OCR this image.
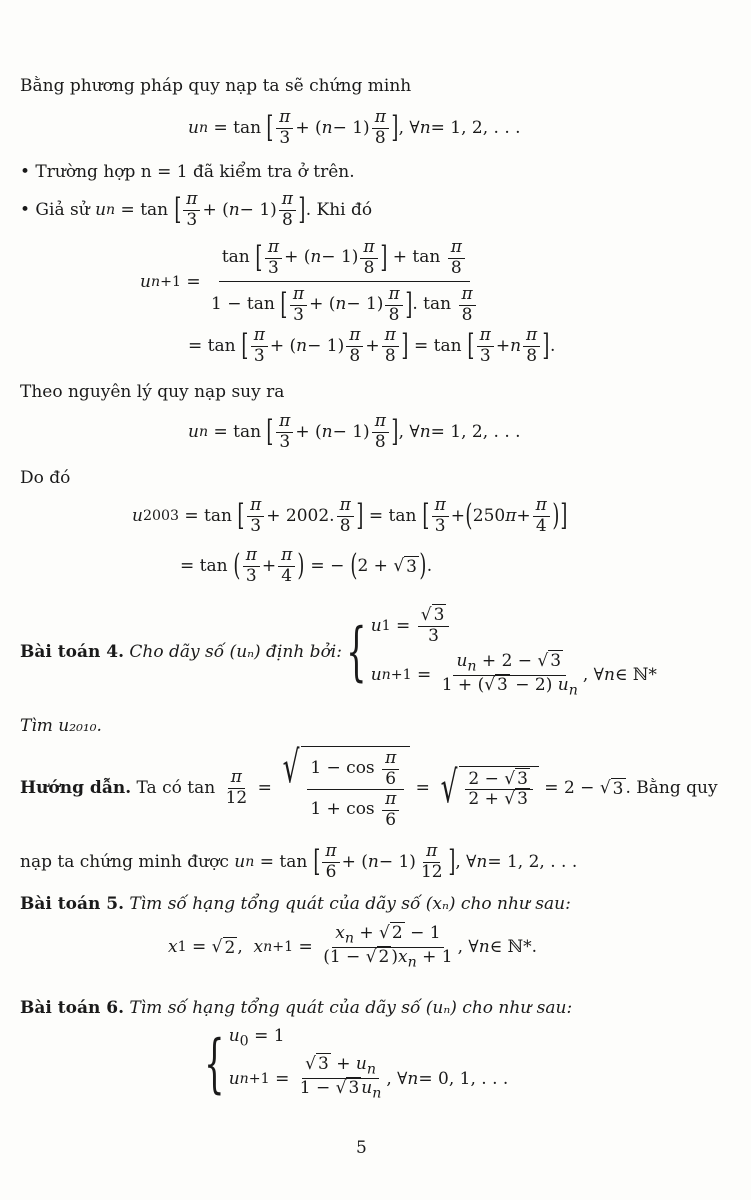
Bằng phương pháp quy nạp ta sẽ chứng minh
u n = tan [ $\frac{\pi}{3}$ + ( $n - 1) \frac{\pi}{8}$ ] , ∀ n = 1, 2, . . .
• Trường hợp n = 1 đã kiểm tra ở trên.
• Giả sử
u n = tan [ $\frac{\pi}{3}$ + ( $n - 1) \frac{\pi}{8}$ ] . Khi đó
u $n+1 = \frac{\tan [ \frac{\pi}{3} + ( n - 1) \frac{\pi}{8} ] + \tan \frac{\pi}{8}}{1 - \tan [ \frac{\pi}{3} + ( n - 1) \frac{\pi}{8} ] . \tan \frac{\pi}{8}}$
= tan [ $\frac{\pi}{3}$ + ( $n - 1) \frac{\pi}{8} + \frac{\pi}{8}$ ] = tan [ $\frac{\pi}{3} + n \frac{\pi}{8}$ ] .
Theo nguyên lý quy nạp suy ra
u n = tan [ $\frac{\pi}{3}$ + ( $n - 1) \frac{\pi}{8}$ ] , ∀ n = 1, 2, . . .
Do đó
u 2003 = tan [ $\frac{\pi}{3} + 2002$. $\frac{\pi}{8}$ ] = tan [ $\frac{\pi}{3}$ + ( 250 $\pi + \frac{\pi}{4}$ ) ]
= tan ( $\frac{\pi}{3} + \frac{\pi}{4}$ ) = − ( 2 + √ 3 ) .
Bài toán 4.
Cho dãy số (uₙ) định bởi: { u $1 = \frac{√ 3}{3}$
u $n+1 = \frac{u_n + 2 - √ 3}{1 + (√ 3 - 2) u_n}$ , ∀ n ∈ ℕ*
Tìm u₂₀₁₀.
Hướng dẫn.
Ta có tan
$\frac{\pi}{12}$ = √ $\frac{1 - \cos \frac{\pi}{6}}{1 + \cos \frac{\pi}{6}}$ = √ $\frac{2 - √ 3}{2 + √ 3} = 2$ − √ 3 . Bằng quy
nạp ta chứng minh được
u n = tan [ $\frac{\pi}{6}$ + ( $n - 1) \frac{\pi}{12}$ ] , ∀ n = 1, 2, . . .
Bài toán 5. Tìm số hạng tổng quát của dãy số (xₙ) cho như sau:
x 1 = √ 2 , x $n+1 = \frac{x_n + √ 2 - 1}{(1 - √ 2 )x_n + 1}$ , ∀ n ∈ ℕ*.
Bài toán 6. Tìm số hạng tổng quát của dãy số (uₙ) cho như sau:
{ $u_0 = 1$
u $n+1 = \frac{√ 3 + u_n}{1 - √ 3 u_n}$ , ∀ n = 0, 1, . . .
5
